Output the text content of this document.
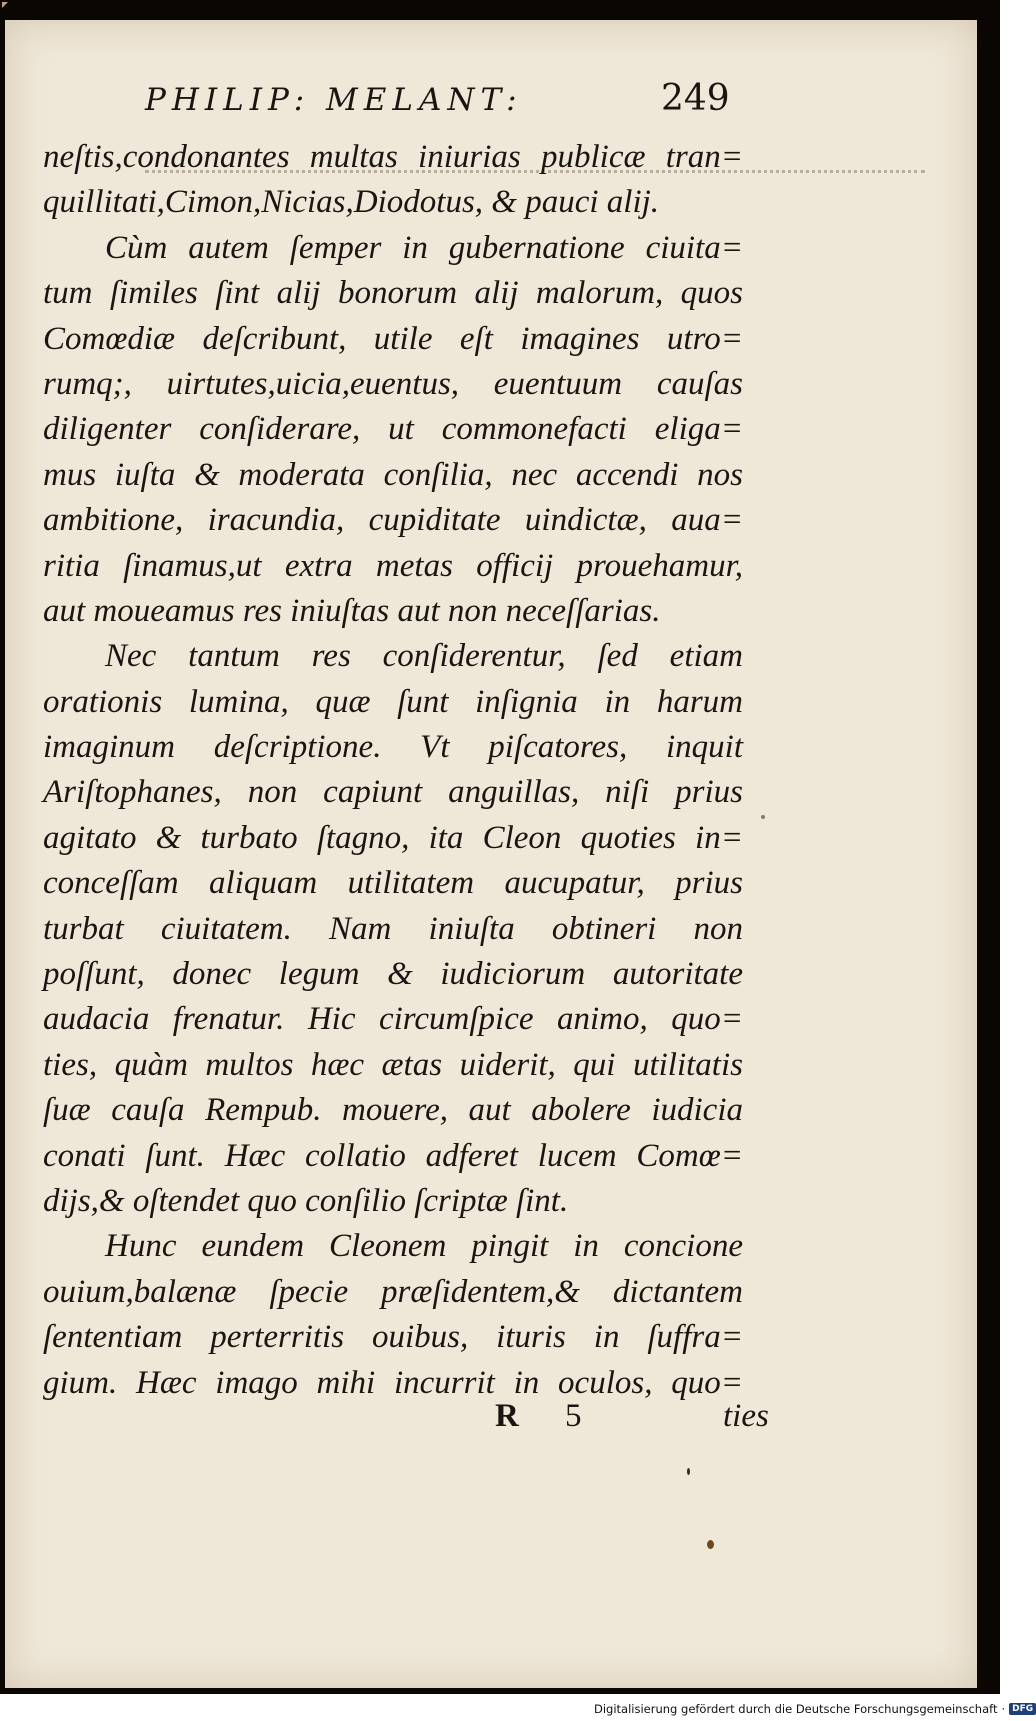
PHILIP: MELANT:	249
neſtis,condonantes multas iniurias publicæ tran=
quillitati,Cimon,Nicias,Diodotus, & pauci alij.
Cùm autem ſemper in gubernatione ciuita=
tum ſimiles ſint alij bonorum alij malorum, quos
Comœdiæ deſcribunt, utile eſt imagines utro=
rumq;, uirtutes,uicia,euentus, euentuum cauſas
diligenter conſiderare, ut commonefacti eliga=
mus iuſta & moderata conſilia, nec accendi nos
ambitione, iracundia, cupiditate uindictæ, aua=
ritia ſinamus,ut extra metas officij prouehamur,
aut moueamus res iniuſtas aut non neceſſarias.
Nec tantum res conſiderentur, ſed etiam
orationis lumina, quæ ſunt inſignia in harum
imaginum deſcriptione. Vt piſcatores, inquit
Ariſtophanes, non capiunt anguillas, niſi prius
agitato & turbato ſtagno, ita Cleon quoties in=
conceſſam aliquam utilitatem aucupatur, prius
turbat ciuitatem. Nam iniuſta obtineri non
poſſunt, donec legum & iudiciorum autoritate
audacia frenatur. Hic circumſpice animo, quo=
ties, quàm multos hæc ætas uiderit, qui utilitatis
ſuæ cauſa Rempub. mouere, aut abolere iudicia
conati ſunt. Hæc collatio adferet lucem Comœ=
dijs,& oſtendet quo conſilio ſcriptæ ſint.
Hunc eundem Cleonem pingit in concione
ouium,balænæ ſpecie præſidentem,& dictantem
ſententiam perterritis ouibus, ituris in ſuffra=
gium. Hæc imago mihi incurrit in oculos, quo=
R 5	ties
Digitalisierung gefördert durch die Deutsche Forschungsgemeinschaft · DFG
